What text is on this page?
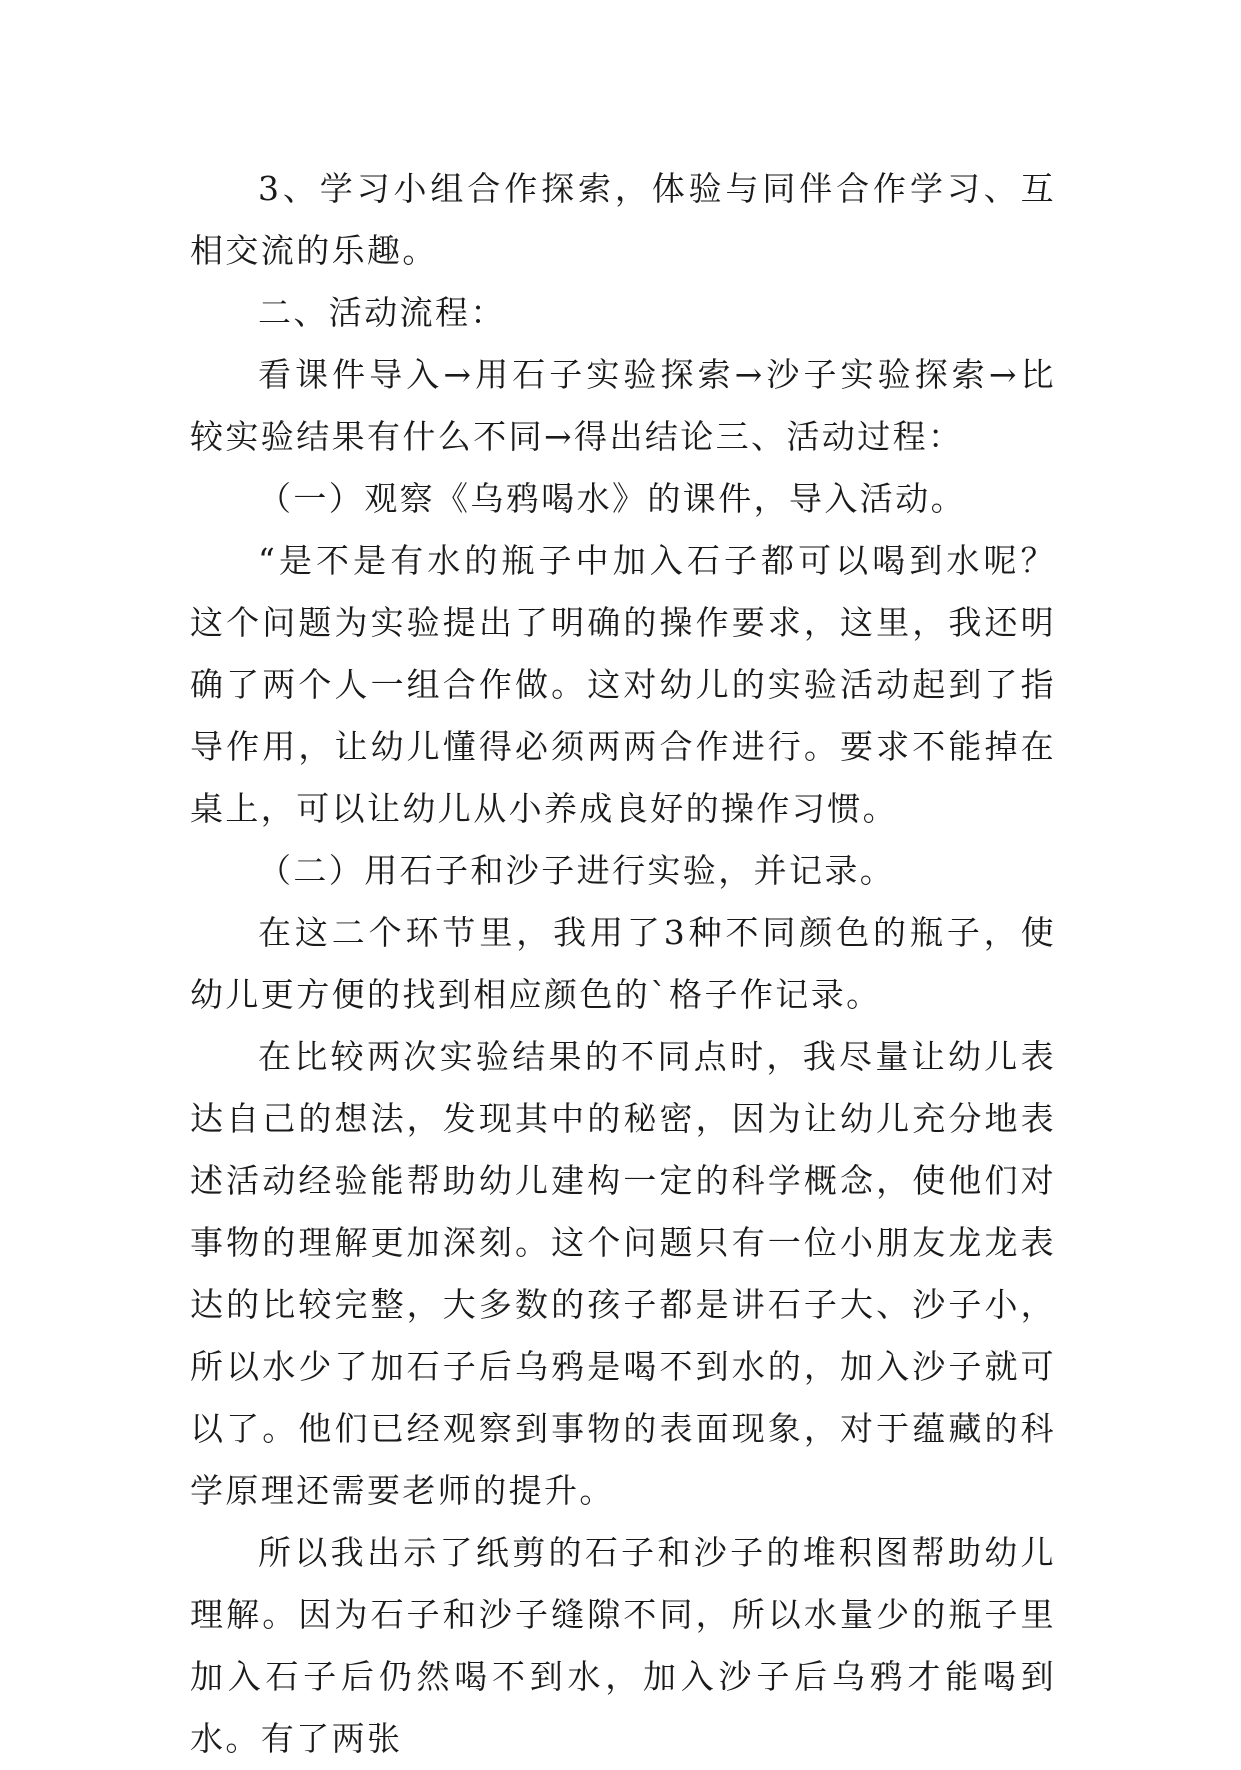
3、学习小组合作探索，体验与同伴合作学习、互相交流的乐趣。

二、活动流程：

看课件导入→用石子实验探索→沙子实验探索→比较实验结果有什么不同→得出结论三、活动过程：

（一）观察《乌鸦喝水》的课件，导入活动。

“是不是有水的瓶子中加入石子都可以喝到水呢？这个问题为实验提出了明确的操作要求，这里，我还明确了两个人一组合作做。这对幼儿的实验活动起到了指导作用，让幼儿懂得必须两两合作进行。要求不能掉在桌上，可以让幼儿从小养成良好的操作习惯。

（二）用石子和沙子进行实验，并记录。

在这二个环节里，我用了3种不同颜色的瓶子，使幼儿更方便的找到相应颜色的`格子作记录。

在比较两次实验结果的不同点时，我尽量让幼儿表达自己的想法，发现其中的秘密，因为让幼儿充分地表述活动经验能帮助幼儿建构一定的科学概念，使他们对事物的理解更加深刻。这个问题只有一位小朋友龙龙表达的比较完整，大多数的孩子都是讲石子大、沙子小，所以水少了加石子后乌鸦是喝不到水的，加入沙子就可以了。他们已经观察到事物的表面现象，对于蕴藏的科学原理还需要老师的提升。

所以我出示了纸剪的石子和沙子的堆积图帮助幼儿理解。因为石子和沙子缝隙不同，所以水量少的瓶子里加入石子后仍然喝不到水，加入沙子后乌鸦才能喝到水。有了两张
